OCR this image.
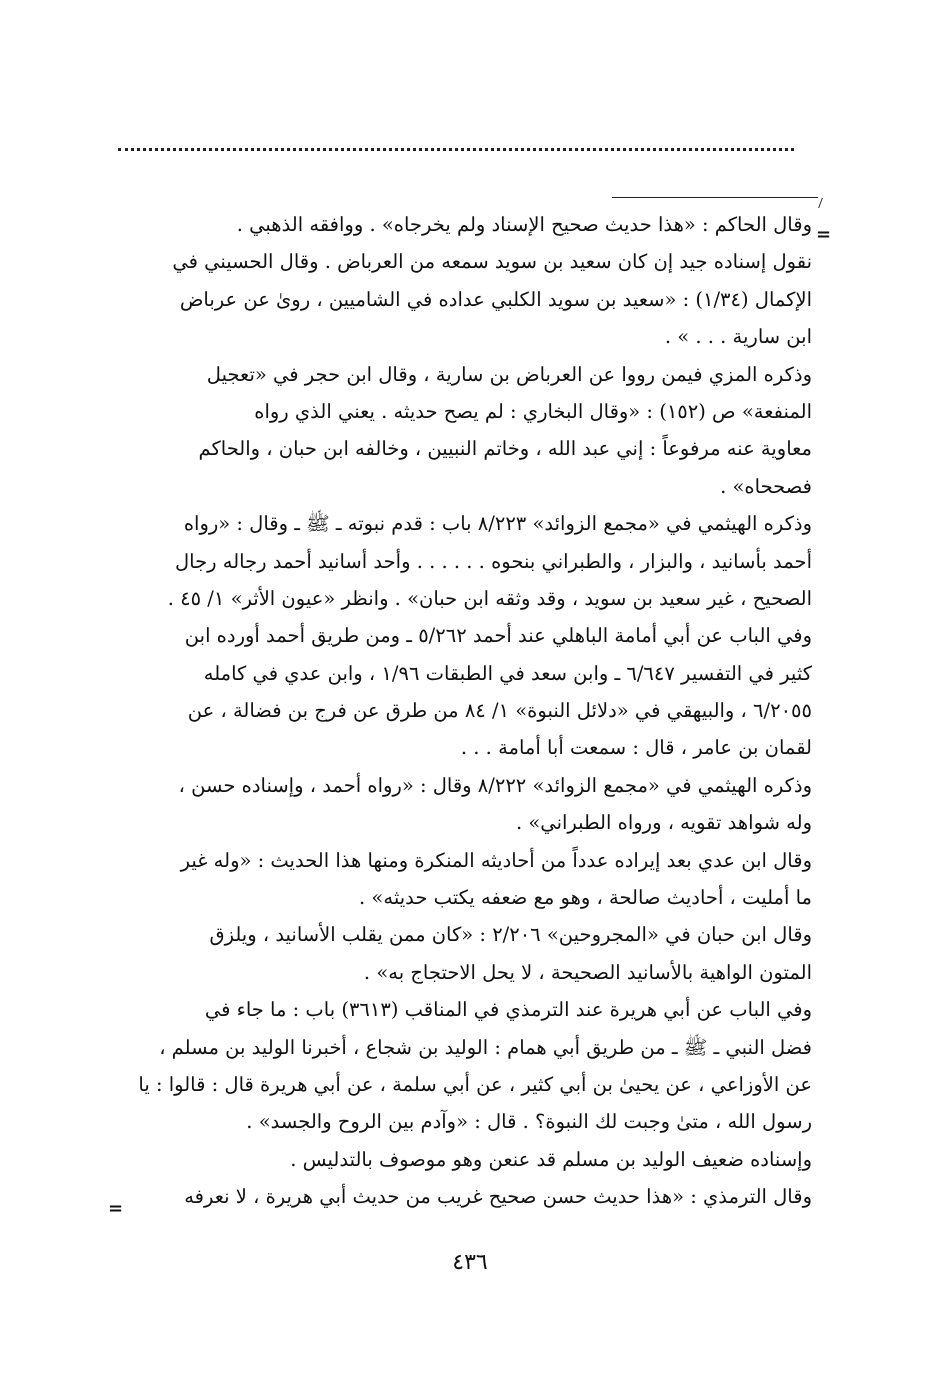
=
وقال الحاكم : «هذا حديث صحيح الإسناد ولم يخرجاه» . ووافقه الذهبي .
نقول إسناده جيد إن كان سعيد بن سويد سمعه من العرباض . وقال الحسيني في
الإكمال (١/٣٤) : «سعيد بن سويد الكلبي عداده في الشاميين ، روىٰ عن عرباض
ابن سارية . . . » .
وذكره المزي فيمن رووا عن العرباض بن سارية ، وقال ابن حجر في «تعجيل
المنفعة» ص (١٥٢) : «وقال البخاري : لم يصح حديثه . يعني الذي رواه
معاوية عنه مرفوعاً : إني عبد الله ، وخاتم النبيين ، وخالفه ابن حبان ، والحاكم
فصححاه» .
وذكره الهيثمي في «مجمع الزوائد» ٨/٢٢٣ باب : قدم نبوته ـ ﷺ ـ وقال : «رواه
أحمد بأسانيد ، والبزار ، والطبراني بنحوه . . . . . . وأحد أسانيد أحمد رجاله رجال
الصحيح ، غير سعيد بن سويد ، وقد وثقه ابن حبان» . وانظر «عيون الأثر» ١/ ٤٥ .
وفي الباب عن أبي أمامة الباهلي عند أحمد ٥/٢٦٢ ـ ومن طريق أحمد أورده ابن
كثير في التفسير ٦/٦٤٧ ـ وابن سعد في الطبقات ١/٩٦ ، وابن عدي في كامله
٦/٢٠٥٥ ، والبيهقي في «دلائل النبوة» ١/ ٨٤ من طرق عن فرج بن فضالة ، عن
لقمان بن عامر ، قال : سمعت أبا أمامة . . .
وذكره الهيثمي في «مجمع الزوائد» ٨/٢٢٢ وقال : «رواه أحمد ، وإسناده حسن ،
وله شواهد تقويه ، ورواه الطبراني» .
وقال ابن عدي بعد إيراده عدداً من أحاديثه المنكرة ومنها هذا الحديث : «وله غير
ما أمليت ، أحاديث صالحة ، وهو مع ضعفه يكتب حديثه» .
وقال ابن حبان في «المجروحين» ٢/٢٠٦ : «كان ممن يقلب الأسانيد ، ويلزق
المتون الواهية بالأسانيد الصحيحة ، لا يحل الاحتجاج به» .
وفي الباب عن أبي هريرة عند الترمذي في المناقب (٣٦١٣) باب : ما جاء في
فضل النبي ـ ﷺ ـ من طريق أبي همام : الوليد بن شجاع ، أخبرنا الوليد بن مسلم ،
عن الأوزاعي ، عن يحيىٰ بن أبي كثير ، عن أبي سلمة ، عن أبي هريرة قال : قالوا : يا
رسول الله ، متىٰ وجبت لك النبوة؟ . قال : «وآدم بين الروح والجسد» .
وإسناده ضعيف الوليد بن مسلم قد عنعن وهو موصوف بالتدليس .
وقال الترمذي : «هذا حديث حسن صحيح غريب من حديث أبي هريرة ، لا نعرفه
=
٤٣٦
